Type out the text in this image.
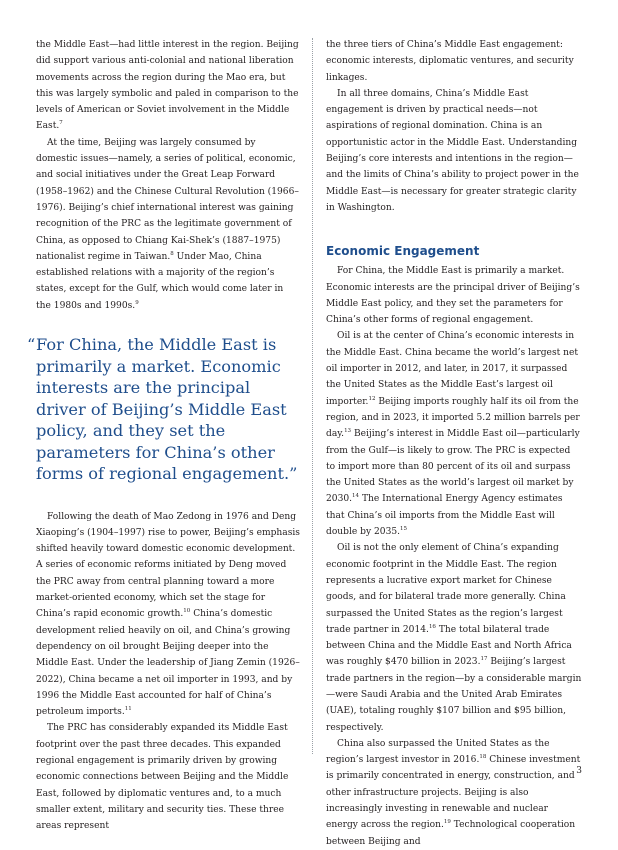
the Middle East—had little interest in the region. Beijing did support various anti-colonial and national liberation movements across the region during the Mao era, but this was largely symbolic and paled in comparison to the levels of American or Soviet involvement in the Middle East.$^7$

At the time, Beijing was largely consumed by domestic issues—namely, a series of political, economic, and social initiatives under the Great Leap Forward (1958–1962) and the Chinese Cultural Revolution (1966–1976). Beijing’s chief international interest was gaining recognition of the PRC as the legitimate government of China, as opposed to Chiang Kai-Shek’s (1887–1975) nationalist regime in Taiwan.$^8$ Under Mao, China established relations with a majority of the region’s states, except for the Gulf, which would come later in the 1980s and 1990s.$^9$

“ For China, the Middle East is primarily a market. Economic interests are the principal driver of Beijing’s Middle East policy, and they set the parameters for China’s other forms of regional engagement.”

Following the death of Mao Zedong in 1976 and Deng Xiaoping’s (1904–1997) rise to power, Beijing’s emphasis shifted heavily toward domestic economic development. A series of economic reforms initiated by Deng moved the PRC away from central planning toward a more market-oriented economy, which set the stage for China’s rapid economic growth.$^{10}$ China’s domestic development relied heavily on oil, and China’s growing dependency on oil brought Beijing deeper into the Middle East. Under the leadership of Jiang Zemin (1926–2022), China became a net oil importer in 1993, and by 1996 the Middle East accounted for half of China’s petroleum imports.$^{11}$

The PRC has considerably expanded its Middle East footprint over the past three decades. This expanded regional engagement is primarily driven by growing economic connections between Beijing and the Middle East, followed by diplomatic ventures and, to a much smaller extent, military and security ties. These three areas represent

the three tiers of China’s Middle East engagement: economic interests, diplomatic ventures, and security linkages.

In all three domains, China’s Middle East engagement is driven by practical needs—not aspirations of regional domination. China is an opportunistic actor in the Middle East. Understanding Beijing’s core interests and intentions in the region—and the limits of China’s ability to project power in the Middle East—is necessary for greater strategic clarity in Washington.

Economic Engagement

For China, the Middle East is primarily a market. Economic interests are the principal driver of Beijing’s Middle East policy, and they set the parameters for China’s other forms of regional engagement.

Oil is at the center of China’s economic interests in the Middle East. China became the world’s largest net oil importer in 2012, and later, in 2017, it surpassed the United States as the Middle East’s largest oil importer.$^{12}$ Beijing imports roughly half its oil from the region, and in 2023, it imported 5.2 million barrels per day.$^{13}$ Beijing’s interest in Middle East oil—particularly from the Gulf—is likely to grow. The PRC is expected to import more than 80 percent of its oil and surpass the United States as the world’s largest oil market by 2030.14 The International Energy Agency estimates that China’s oil imports from the Middle East will double by 2035.15

Oil is not the only element of China’s expanding economic footprint in the Middle East. The region represents a lucrative export market for Chinese goods, and for bilateral trade more generally. China surpassed the United States as the region’s largest trade partner in 2014.16 The total bilateral trade between China and the Middle East and North Africa was roughly $470 billion in 2023.17 Beijing’s largest trade partners in the region—by a considerable margin—were Saudi Arabia and the United Arab Emirates (UAE), totaling roughly $107 billion and $95 billion, respectively.

China also surpassed the United States as the region’s largest investor in 2016.18 Chinese investment is primarily concentrated in energy, construction, and other infrastructure projects. Beijing is also increasingly investing in renewable and nuclear energy across the region.$^{19}$ Technological cooperation between Beijing and

3
